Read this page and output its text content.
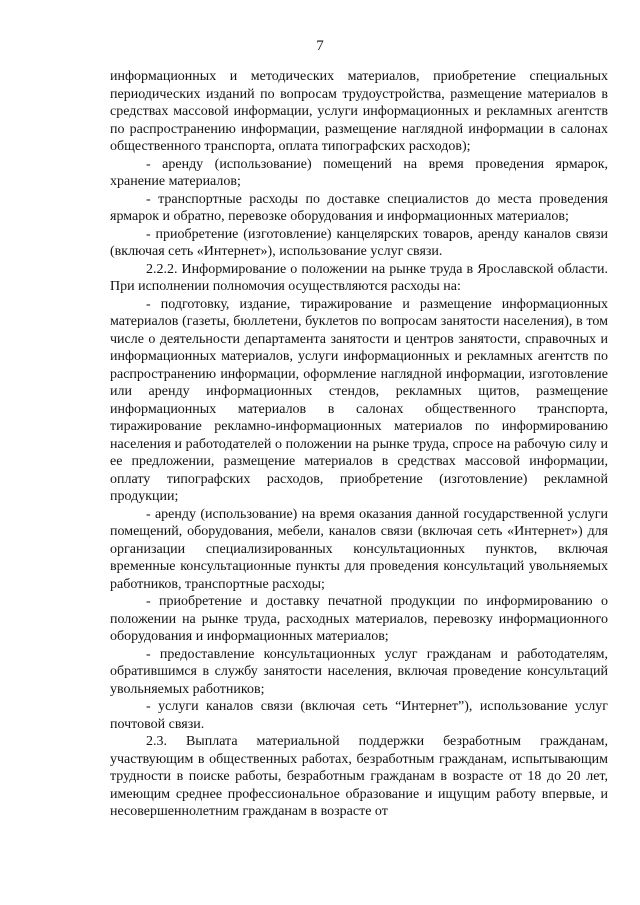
7

информационных и методических материалов, приобретение специальных периодических изданий по вопросам трудоустройства, размещение материалов в средствах массовой информации, услуги информационных и рекламных агентств по распространению информации, размещение наглядной информации в салонах общественного транспорта, оплата типографских расходов);

- аренду (использование) помещений на время проведения ярмарок, хранение материалов;

- транспортные расходы по доставке специалистов до места проведения ярмарок и обратно, перевозке оборудования и информационных материалов;

- приобретение (изготовление) канцелярских товаров, аренду каналов связи (включая сеть «Интернет»), использование услуг связи.

2.2.2. Информирование о положении на рынке труда в Ярославской области. При исполнении полномочия осуществляются расходы на:

- подготовку, издание, тиражирование и размещение информационных материалов (газеты, бюллетени, буклетов по вопросам занятости населения), в том числе о деятельности департамента занятости и центров занятости, справочных и информационных материалов, услуги информационных и рекламных агентств по распространению информации, оформление наглядной информации, изготовление или аренду информационных стендов, рекламных щитов, размещение информационных материалов в салонах общественного транспорта, тиражирование рекламно-информационных материалов по информированию населения и работодателей о положении на рынке труда, спросе на рабочую силу и ее предложении, размещение материалов в средствах массовой информации, оплату типографских расходов, приобретение (изготовление) рекламной продукции;

- аренду (использование) на время оказания данной государственной услуги помещений, оборудования, мебели, каналов связи (включая сеть «Интернет») для организации специализированных консультационных пунктов, включая временные консультационные пункты для проведения консультаций увольняемых работников, транспортные расходы;

- приобретение и доставку печатной продукции по информированию о положении на рынке труда, расходных материалов, перевозку информационного оборудования и информационных материалов;

- предоставление консультационных услуг гражданам и работодателям, обратившимся в службу занятости населения, включая проведение консультаций увольняемых работников;

- услуги каналов связи (включая сеть “Интернет”), использование услуг почтовой связи.

2.3. Выплата материальной поддержки безработным гражданам, участвующим в общественных работах, безработным гражданам, испытывающим трудности в поиске работы, безработным гражданам в возрасте от 18 до 20 лет, имеющим среднее профессиональное образование и ищущим работу впервые, и несовершеннолетним гражданам в возрасте от
